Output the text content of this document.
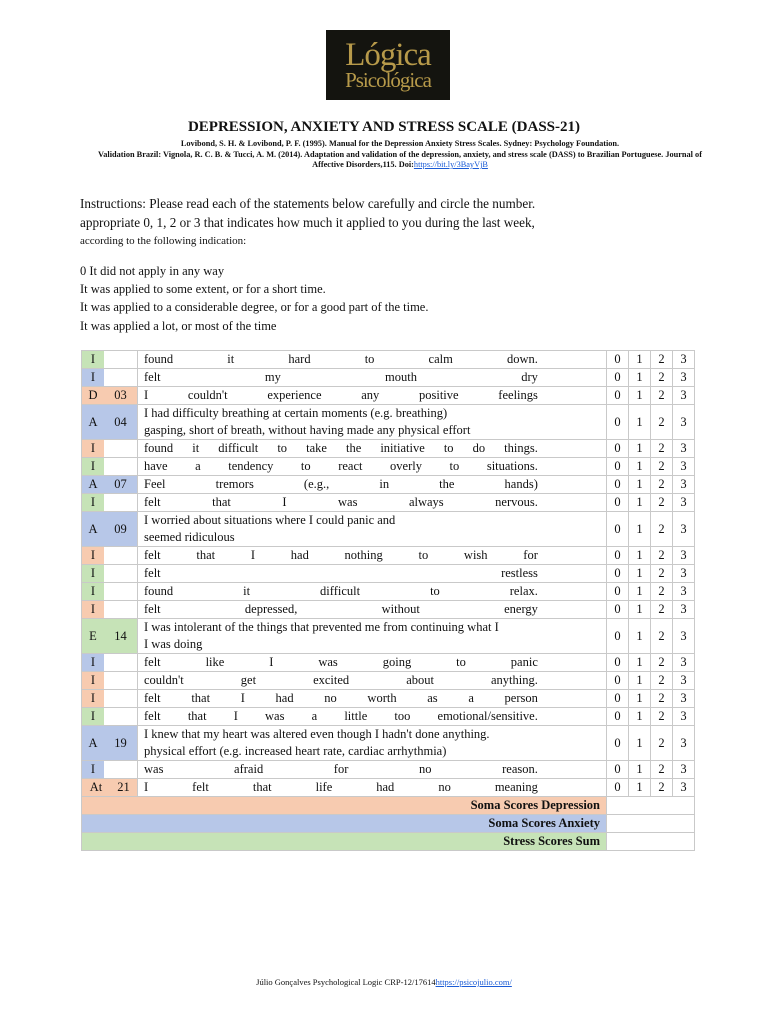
Lógica
Psicológica
DEPRESSION, ANXIETY AND STRESS SCALE (DASS-21)
Lovibond, S. H. & Lovibond, P. F. (1995). Manual for the Depression Anxiety Stress Scales. Sydney: Psychology Foundation.
Validation Brazil: Vignola, R. C. B. & Tucci, A. M. (2014). Adaptation and validation of the depression, anxiety, and stress scale (DASS) to Brazilian Portuguese. Journal of
Affective Disorders,115. Doi:https://bit.ly/3BayVjB
Instructions: Please read each of the statements below carefully and circle the number.
appropriate 0, 1, 2 or 3 that indicates how much it applied to you during the last week,
according to the following indication:
0 It did not apply in any way
It was applied to some extent, or for a short time.
It was applied to a considerable degree, or for a good part of the time.
It was applied a lot, or most of the time
I	found it hard to calm down.	0	1	2	3

I	felt my mouth dry	0	1	2	3

D 03	I couldn't experience any positive feelings	0	1	2	3

A 04	I had difficulty breathing at certain moments (e.g. breathing)
gasping, short of breath, without having made any physical effort	0	1	2	3

I	found it difficult to take the initiative to do things.	0	1	2	3

I	have a tendency to react overly to situations.	0	1	2	3

A 07	Feel tremors (e.g., in the hands)	0	1	2	3

I	felt that I was always nervous.	0	1	2	3

A 09	I worried about situations where I could panic and
seemed ridiculous	0	1	2	3

I	felt that I had nothing to wish for	0	1	2	3

I	felt restless	0	1	2	3

I	found it difficult to relax.	0	1	2	3

I	felt depressed, without energy	0	1	2	3

E 14	I was intolerant of the things that prevented me from continuing what I
I was doing	0	1	2	3

I	felt like I was going to panic	0	1	2	3

I	couldn't get excited about anything.	0	1	2	3

I	felt that I had no worth as a person	0	1	2	3

I	felt that I was a little too emotional/sensitive.	0	1	2	3

A 19	I knew that my heart was altered even though I hadn't done anything.
physical effort (e.g. increased heart rate, cardiac arrhythmia)	0	1	2	3

I	was afraid for no reason.	0	1	2	3

At 21	I felt that life had no meaning	0	1	2	3
Soma Scores Depression					
Soma Scores Anxiety					
Stress Scores Sum					
Júlio Gonçalves Psychological Logic CRP-12/17614https://psicojulio.com/
